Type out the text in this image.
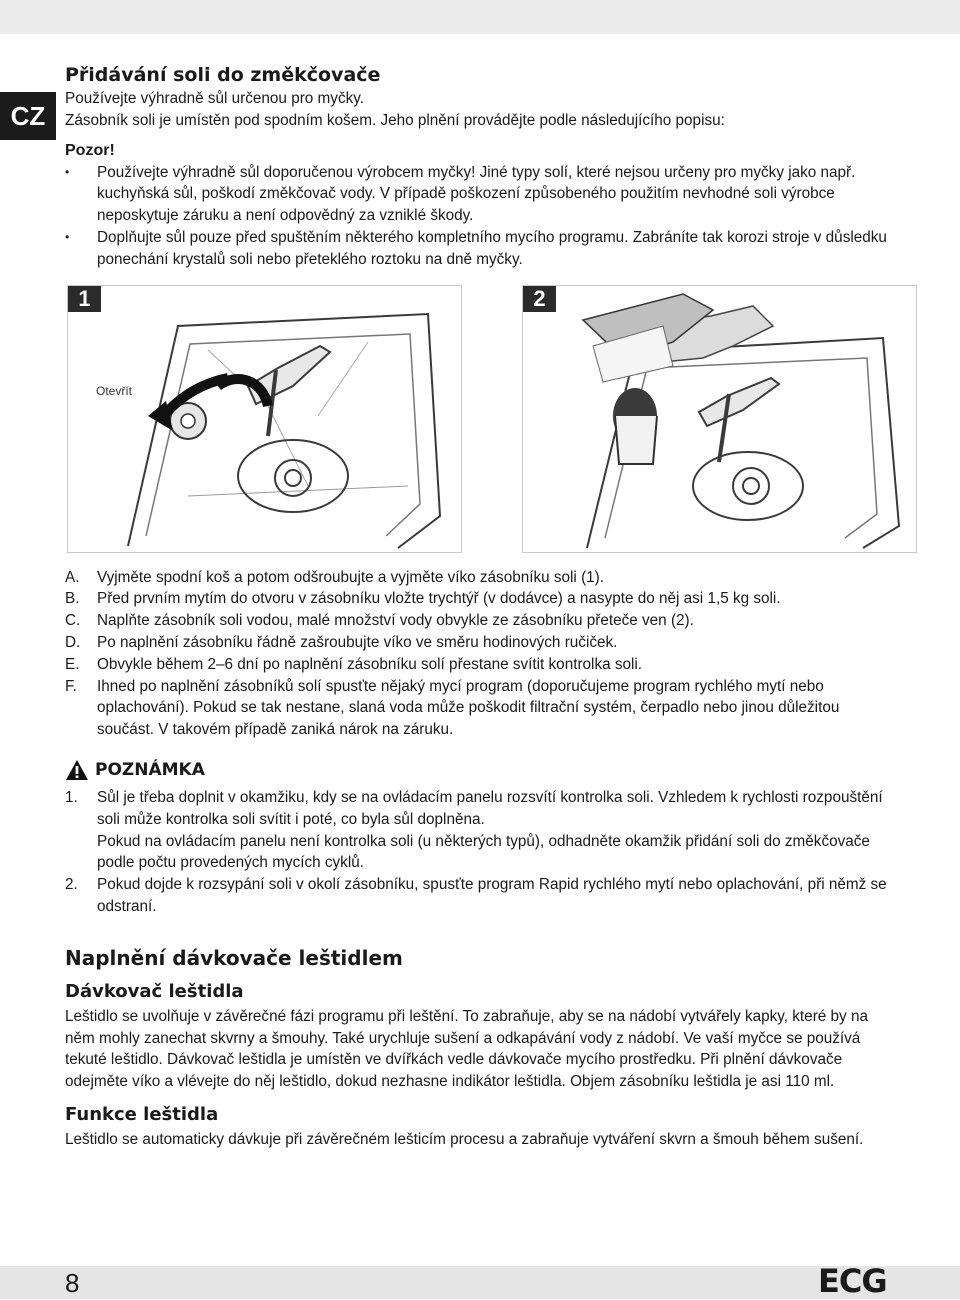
CZ
Přidávání soli do změkčovače

Používejte výhradně sůl určenou pro myčky.

Zásobník soli je umístěn pod spodním košem. Jeho plnění provádějte podle následujícího popisu:

Pozor!

• Používejte výhradně sůl doporučenou výrobcem myčky! Jiné typy solí, které nejsou určeny pro myčky jako např. kuchyňská sůl, poškodí změkčovač vody. V případě poškození způsobeného použitím nevhodné soli výrobce neposkytuje záruku a není odpovědný za vzniklé škody.
• Doplňujte sůl pouze před spuštěním některého kompletního mycího programu. Zabráníte tak korozi stroje v důsledku ponechání krystalů soli nebo přeteklého roztoku na dně myčky.
1
Otevřít
2
A. Vyjměte spodní koš a potom odšroubujte a vyjměte víko zásobníku soli (1).
B. Před prvním mytím do otvoru v zásobníku vložte trychtýř (v dodávce) a nasypte do něj asi 1,5 kg soli.
C. Naplňte zásobník soli vodou, malé množství vody obvykle ze zásobníku přeteče ven (2).
D. Po naplnění zásobníku řádně zašroubujte víko ve směru hodinových ručiček.
E. Obvykle během 2–6 dní po naplnění zásobníku solí přestane svítit kontrolka soli.
F. Ihned po naplnění zásobníků solí spusťte nějaký mycí program (doporučujeme program rychlého mytí nebo oplachování). Pokud se tak nestane, slaná voda může poškodit filtrační systém, čerpadlo nebo jinou důležitou součást. V takovém případě zaniká nárok na záruku.
POZNÁMKA
1. Sůl je třeba doplnit v okamžiku, kdy se na ovládacím panelu rozsvítí kontrolka soli. Vzhledem k rychlosti rozpouštění soli může kontrolka soli svítit i poté, co byla sůl doplněna.

Pokud na ovládacím panelu není kontrolka soli (u některých typů), odhadněte okamžik přidání soli do změkčovače podle počtu provedených mycích cyklů.

2. Pokud dojde k rozsypání soli v okolí zásobníku, spusťte program Rapid rychlého mytí nebo oplachování, při němž se odstraní.

Naplnění dávkovače leštidlem
Dávkovač leštidla

Leštidlo se uvolňuje v závěrečné fázi programu při leštění. To zabraňuje, aby se na nádobí vytvářely kapky, které by na něm mohly zanechat skvrny a šmouhy. Také urychluje sušení a odkapávání vody z nádobí. Ve vaší myčce se používá tekuté leštidlo. Dávkovač leštidla je umístěn ve dvířkách vedle dávkovače mycího prostředku. Při plnění dávkovače odejměte víko a vlévejte do něj leštidlo, dokud nezhasne indikátor leštidla. Objem zásobníku leštidla je asi 110 ml.

Funkce leštidla

Leštidlo se automaticky dávkuje při závěrečném lešticím procesu a zabraňuje vytváření skvrn a šmouh během sušení.

8	ECG
